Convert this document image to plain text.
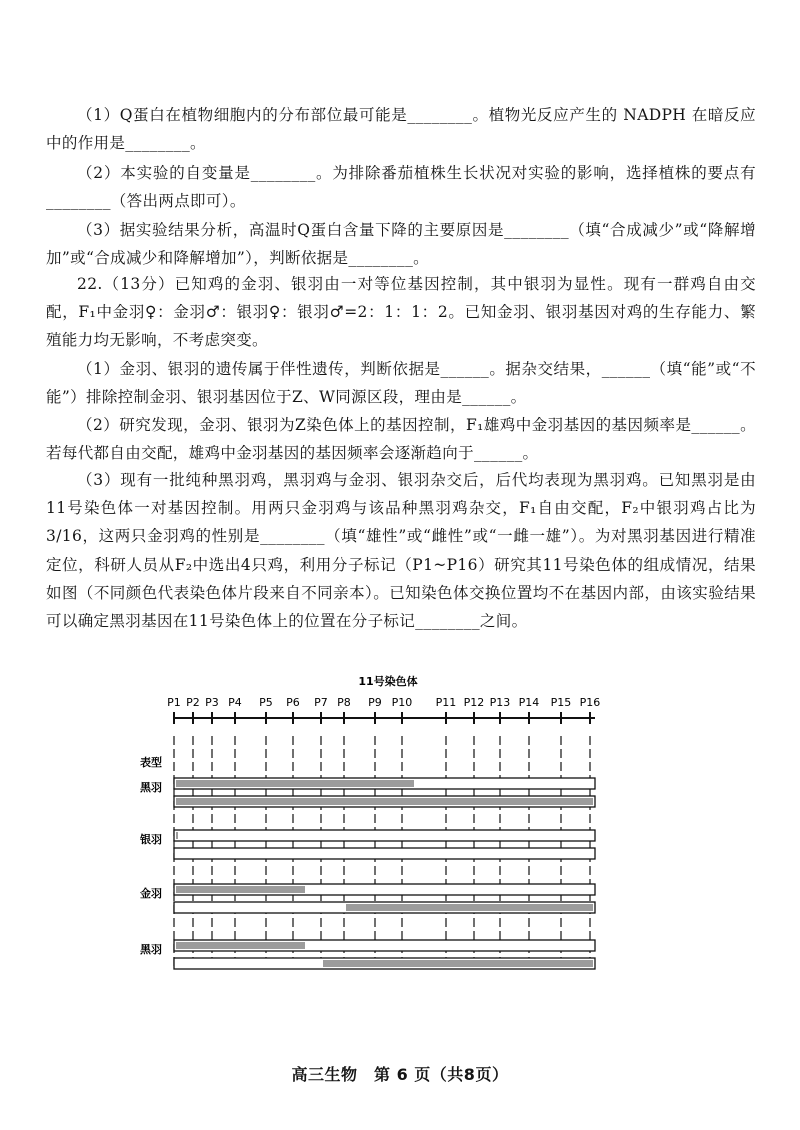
（1）Q蛋白在植物细胞内的分布部位最可能是________。植物光反应产生的 NADPH 在暗反应中的作用是________。
（2）本实验的自变量是________。为排除番茄植株生长状况对实验的影响，选择植株的要点有________（答出两点即可）。
（3）据实验结果分析，高温时Q蛋白含量下降的主要原因是________（填“合成减少”或“降解增加”或“合成减少和降解增加”），判断依据是________。
22.（13分）已知鸡的金羽、银羽由一对等位基因控制，其中银羽为显性。现有一群鸡自由交配，F₁中金羽♀：金羽♂：银羽♀：银羽♂=2：1：1：2。已知金羽、银羽基因对鸡的生存能力、繁殖能力均无影响，不考虑突变。
（1）金羽、银羽的遗传属于伴性遗传，判断依据是______。据杂交结果，______（填“能”或“不能”）排除控制金羽、银羽基因位于Z、W同源区段，理由是______。
（2）研究发现，金羽、银羽为Z染色体上的基因控制，F₁雄鸡中金羽基因的基因频率是______。若每代都自由交配，雄鸡中金羽基因的基因频率会逐渐趋向于______。
（3）现有一批纯种黑羽鸡，黑羽鸡与金羽、银羽杂交后，后代均表现为黑羽鸡。已知黑羽是由11号染色体一对基因控制。用两只金羽鸡与该品种黑羽鸡杂交，F₁自由交配，F₂中银羽鸡占比为3/16，这两只金羽鸡的性别是________（填“雄性”或“雌性”或“一雌一雄”）。为对黑羽基因进行精准定位，科研人员从F₂中选出4只鸡，利用分子标记（P1~P16）研究其11号染色体的组成情况，结果如图（不同颜色代表染色体片段来自不同亲本）。已知染色体交换位置均不在基因内部，由该实验结果可以确定黑羽基因在11号染色体上的位置在分子标记________之间。
11号染色体
P1 P2 P3 P4 P5 P6 P7 P8 P9 P10 P11 P12 P13 P14 P15 P16
表型
黑羽
银羽
金羽
黑羽
高三生物　第 6 页（共8页）
